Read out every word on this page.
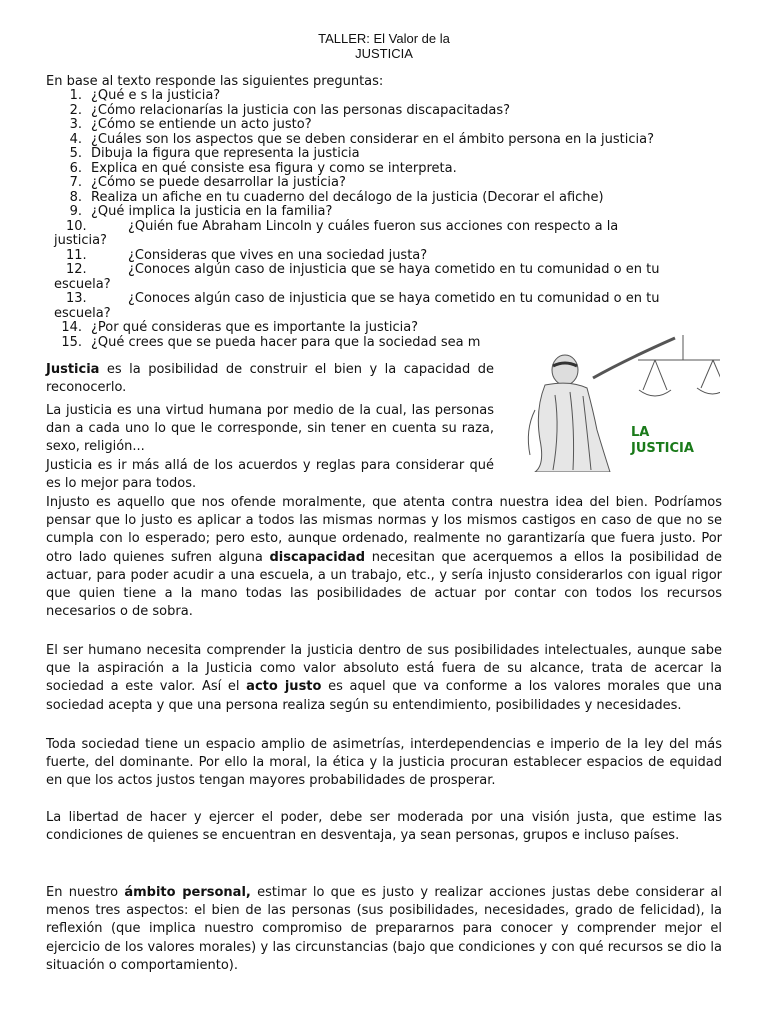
TALLER: El Valor de la
JUSTICIA
En base al texto responde las siguientes preguntas:
1. ¿Qué e s la justicia?
2. ¿Cómo relacionarías la justicia con las personas discapacitadas?
3. ¿Cómo se entiende un acto justo?
4. ¿Cuáles son los aspectos que se deben considerar en el ámbito persona en la justicia?
5. Dibuja la figura que representa la justicia
6. Explica en qué consiste esa figura y como se interpreta.
7. ¿Cómo se puede desarrollar la justicia?
8. Realiza un afiche en tu cuaderno del decálogo de la justicia (Decorar el afiche)
9. ¿Qué implica la justicia en la familia?
10.	¿Quién fue Abraham Lincoln y cuáles fueron sus acciones con respecto a la
justicia?
11.	¿Consideras que vives en una sociedad justa?
12.	¿Conoces algún caso de injusticia que se haya cometido en tu comunidad o en tu
escuela?
13.	¿Conoces algún caso de injusticia que se haya cometido en tu comunidad o en tu
escuela?
14. ¿Por qué consideras que es importante la justicia?
15. ¿Qué crees que se pueda hacer para que la sociedad sea m
LA
JUSTICIA

Justicia es la posibilidad de construir el bien y la capacidad de reconocerlo.

La justicia es una virtud humana por medio de la cual, las personas dan a cada uno lo que le corresponde, sin tener en cuenta su raza, sexo, religión...

Justicia es ir más allá de los acuerdos y reglas para considerar qué es lo mejor para todos.

Injusto es aquello que nos ofende moralmente, que atenta contra nuestra idea del bien. Podríamos pensar que lo justo es aplicar a todos las mismas normas y los mismos castigos en caso de que no se cumpla con lo esperado; pero esto, aunque ordenado, realmente no garantizaría que fuera justo. Por otro lado quienes sufren alguna discapacidad necesitan que acerquemos a ellos la posibilidad de actuar, para poder acudir a una escuela, a un trabajo, etc., y sería injusto considerarlos con igual rigor que quien tiene a la mano todas las posibilidades de actuar por contar con todos los recursos necesarios o de sobra.

El ser humano necesita comprender la justicia dentro de sus posibilidades intelectuales, aunque sabe que la aspiración a la Justicia como valor absoluto está fuera de su alcance, trata de acercar la sociedad a este valor. Así el acto justo es aquel que va conforme a los valores morales que una sociedad acepta y que una persona realiza según su entendimiento, posibilidades y necesidades.

Toda sociedad tiene un espacio amplio de asimetrías, interdependencias e imperio de la ley del más fuerte, del dominante. Por ello la moral, la ética y la justicia procuran establecer espacios de equidad en que los actos justos tengan mayores probabilidades de prosperar.

La libertad de hacer y ejercer el poder, debe ser moderada por una visión justa, que estime las condiciones de quienes se encuentran en desventaja, ya sean personas, grupos e incluso países.

En nuestro ámbito personal, estimar lo que es justo y realizar acciones justas debe considerar al menos tres aspectos: el bien de las personas (sus posibilidades, necesidades, grado de felicidad), la reflexión (que implica nuestro compromiso de prepararnos para conocer y comprender mejor el ejercicio de los valores morales) y las circunstancias (bajo que condiciones y con qué recursos se dio la situación o comportamiento).
